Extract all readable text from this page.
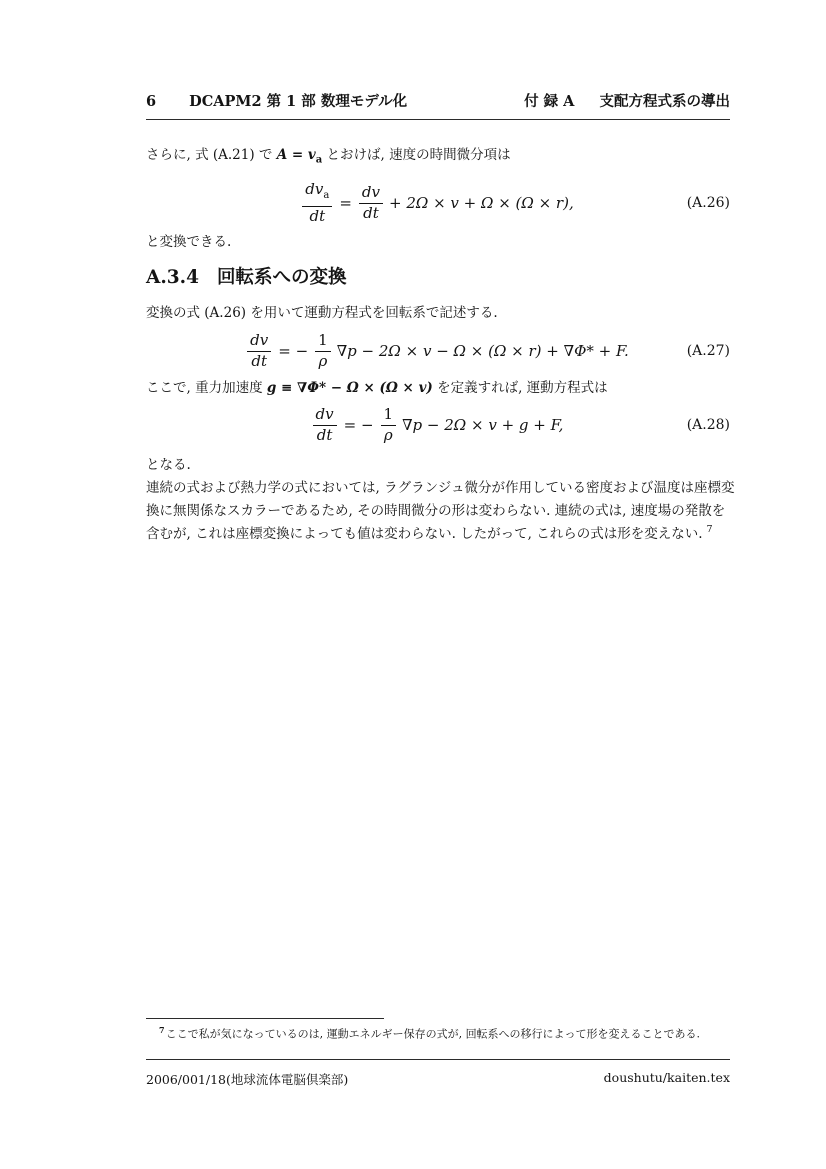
6 DCAPM2 第 1 部 数理モデル化	付 録 A 支配方程式系の導出
さらに, 式 (A.21) で $A = v_a$ とおけば, 速度の時間微分項は
$\frac{dv_a}{dt} = \frac{dv}{dt} + 2\Omega \times v + \Omega \times (\Omega \times r)$,	(A.26)
と変換できる.
A.3.4 回転系への変換
変換の式 (A.26) を用いて運動方程式を回転系で記述する.
$\frac{dv}{dt}$ = − $\frac{1}{\rho} \nabla p - 2\Omega \times v - \Omega \times (\Omega \times r) + \nabla\Phi* + F$.	(A.27)
ここで, 重力加速度 g ≡ ∇Φ* − Ω × (Ω × v) を定義すれば, 運動方程式は
$\frac{dv}{dt}$ = − $\frac{1}{\rho} \nabla p - 2\Omega \times v + g + F$,	(A.28)
となる.
連続の式および熱力学の式においては, ラグランジュ微分が作用している密度および温度は座標変
換に無関係なスカラーであるため, その時間微分の形は変わらない. 連続の式は, 速度場の発散を
含むが, これは座標変換によっても値は変わらない. したがって, これらの式は形を変えない. $^7$
$^7$ここで私が気になっているのは, 運動エネルギー保存の式が, 回転系への移行によって形を変えることである.
2006/001/18(地球流体電脳倶楽部)	doushutu/kaiten.tex
